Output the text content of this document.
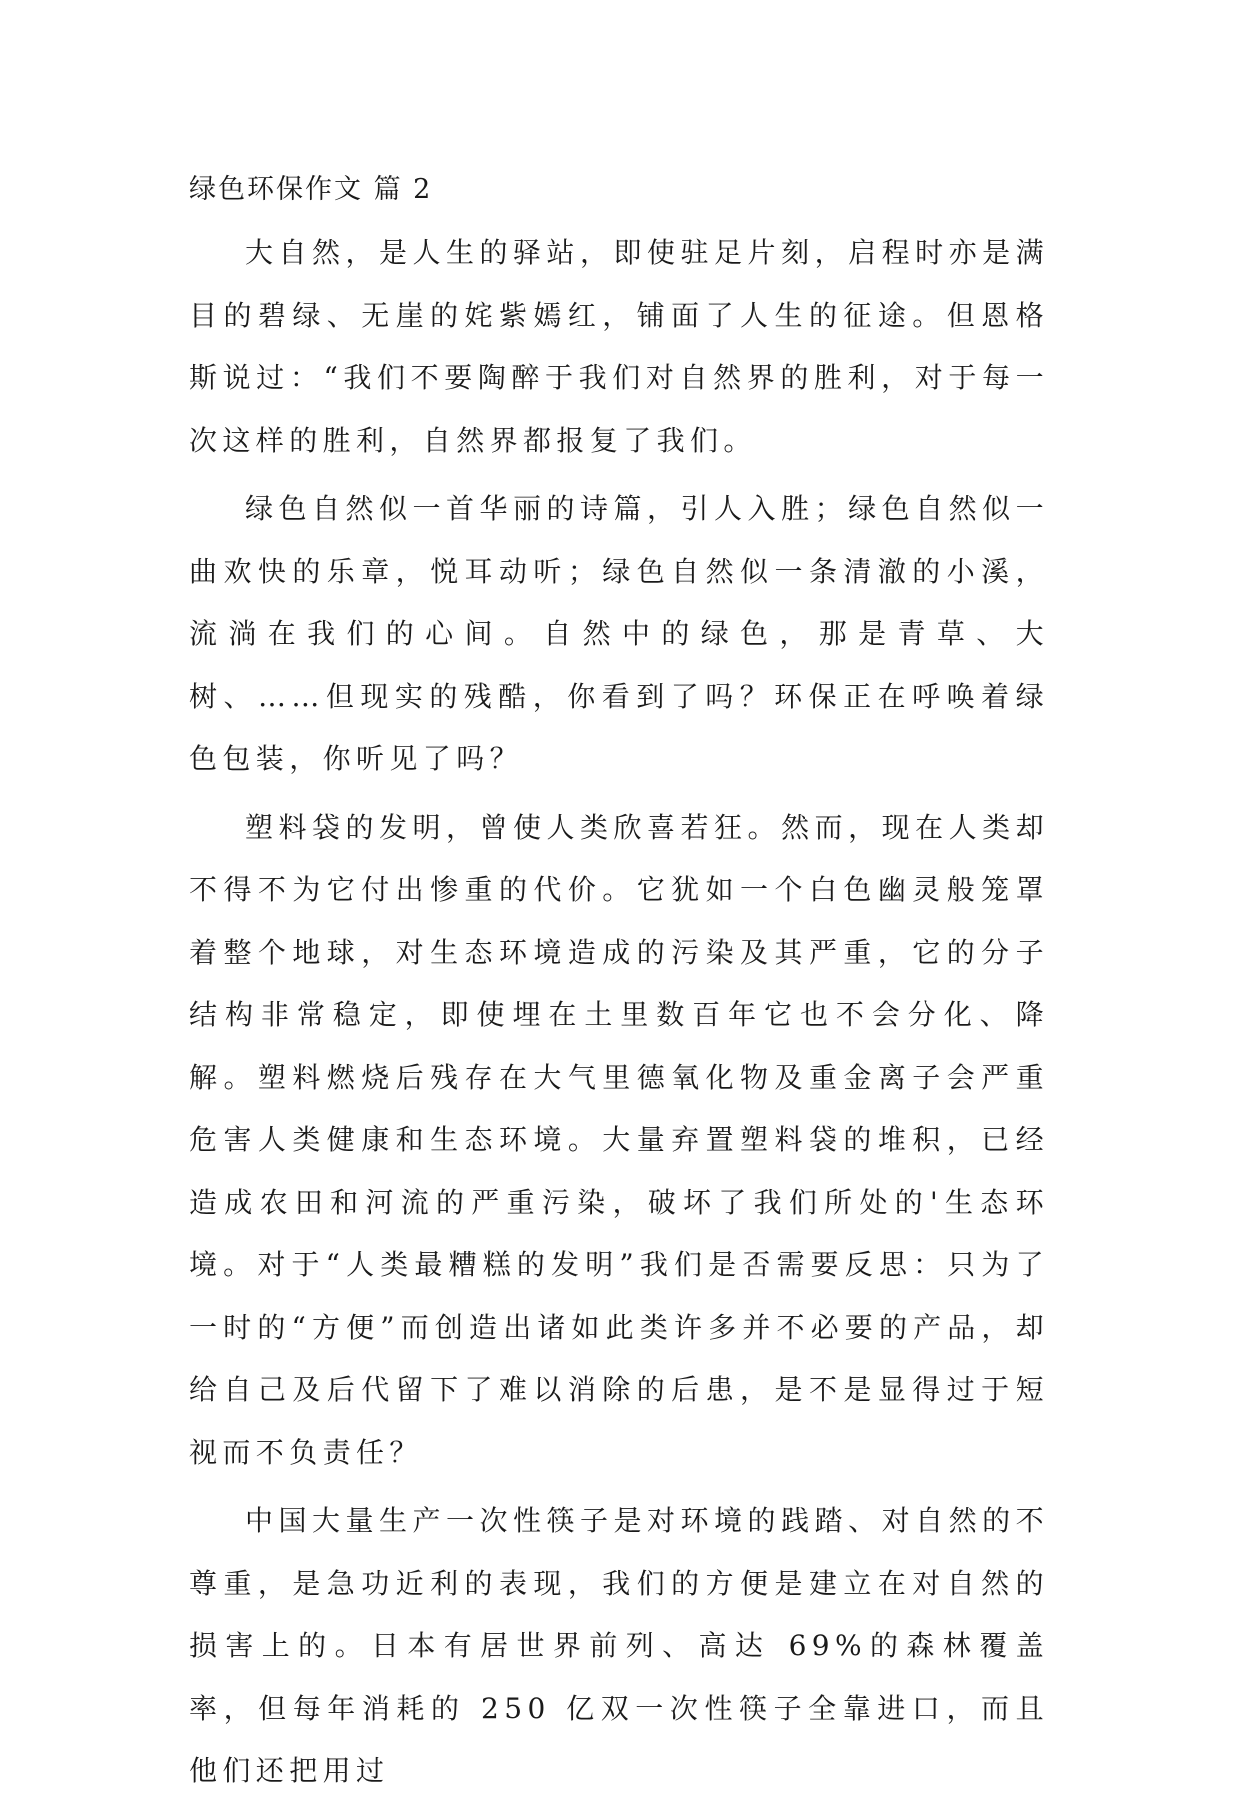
绿色环保作文 篇 2

大自然，是人生的驿站，即使驻足片刻，启程时亦是满目的碧绿、无崖的姹紫嫣红，铺面了人生的征途。但恩格斯说过：“我们不要陶醉于我们对自然界的胜利，对于每一次这样的胜利，自然界都报复了我们。

绿色自然似一首华丽的诗篇，引人入胜；绿色自然似一曲欢快的乐章，悦耳动听；绿色自然似一条清澈的小溪，流淌在我们的心间。自然中的绿色，那是青草、大树、……但现实的残酷，你看到了吗？环保正在呼唤着绿色包装，你听见了吗？

塑料袋的发明，曾使人类欣喜若狂。然而，现在人类却不得不为它付出惨重的代价。它犹如一个白色幽灵般笼罩着整个地球，对生态环境造成的污染及其严重，它的分子结构非常稳定，即使埋在土里数百年它也不会分化、降解。塑料燃烧后残存在大气里德氧化物及重金离子会严重危害人类健康和生态环境。大量弃置塑料袋的堆积，已经造成农田和河流的严重污染，破坏了我们所处的'生态环境。对于“人类最糟糕的发明”我们是否需要反思：只为了一时的“方便”而创造出诸如此类许多并不必要的产品，却给自己及后代留下了难以消除的后患，是不是显得过于短视而不负责任？

中国大量生产一次性筷子是对环境的践踏、对自然的不尊重，是急功近利的表现，我们的方便是建立在对自然的损害上的。日本有居世界前列、高达 69%的森林覆盖率，但每年消耗的 250 亿双一次性筷子全靠进口，而且他们还把用过
